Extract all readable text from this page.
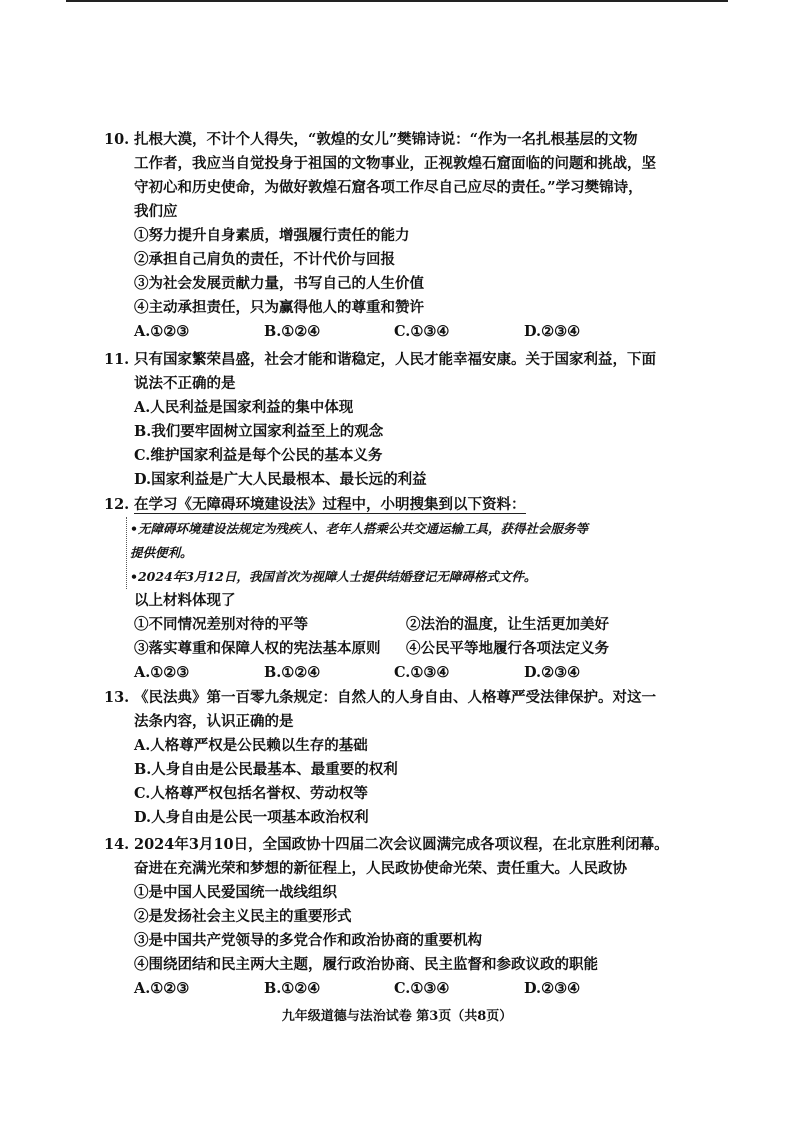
10. 扎根大漠，不计个人得失，“敦煌的女儿”樊锦诗说：“作为一名扎根基层的文物
工作者，我应当自觉投身于祖国的文物事业，正视敦煌石窟面临的问题和挑战，坚
守初心和历史使命，为做好敦煌石窟各项工作尽自己应尽的责任。”学习樊锦诗，
我们应
①努力提升自身素质，增强履行责任的能力
②承担自己肩负的责任，不计代价与回报
③为社会发展贡献力量，书写自己的人生价值
④主动承担责任，只为赢得他人的尊重和赞许
A.①②③	B.①②④	C.①③④	D.②③④
11. 只有国家繁荣昌盛，社会才能和谐稳定，人民才能幸福安康。关于国家利益，下面
说法不正确的是
A.人民利益是国家利益的集中体现
B.我们要牢固树立国家利益至上的观念
C.维护国家利益是每个公民的基本义务
D.国家利益是广大人民最根本、最长远的利益
12. 在学习《无障碍环境建设法》过程中，小明搜集到以下资料：
•无障碍环境建设法规定为残疾人、老年人搭乘公共交通运输工具，获得社会服务等
提供便利。
•2024年3月12日，我国首次为视障人士提供结婚登记无障碍格式文件。
以上材料体现了
①不同情况差别对待的平等	②法治的温度，让生活更加美好
③落实尊重和保障人权的宪法基本原则	④公民平等地履行各项法定义务
A.①②③	B.①②④	C.①③④	D.②③④
13. 《民法典》第一百零九条规定：自然人的人身自由、人格尊严受法律保护。对这一
法条内容，认识正确的是
A.人格尊严权是公民赖以生存的基础
B.人身自由是公民最基本、最重要的权利
C.人格尊严权包括名誉权、劳动权等
D.人身自由是公民一项基本政治权利
14. 2024年3月10日，全国政协十四届二次会议圆满完成各项议程，在北京胜利闭幕。
奋进在充满光荣和梦想的新征程上，人民政协使命光荣、责任重大。人民政协
①是中国人民爱国统一战线组织
②是发扬社会主义民主的重要形式
③是中国共产党领导的多党合作和政治协商的重要机构
④围绕团结和民主两大主题，履行政治协商、民主监督和参政议政的职能
A.①②③	B.①②④	C.①③④	D.②③④
九年级道德与法治试卷 第3页（共8页）
